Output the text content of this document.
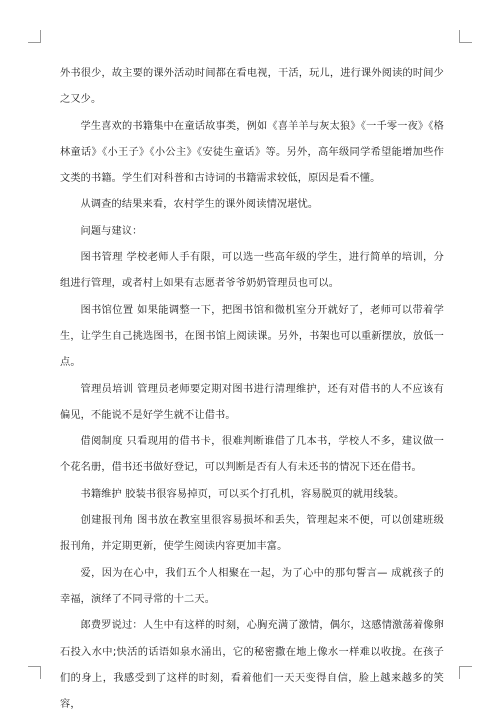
外书很少，故主要的课外活动时间都在看电视，干活，玩儿，进行课外阅读的时间少之又少。

学生喜欢的书籍集中在童话故事类，例如《喜羊羊与灰太狼》《一千零一夜》《格林童话》《小王子》《小公主》《安徒生童话》等。另外，高年级同学希望能增加些作文类的书籍。学生们对科普和古诗词的书籍需求较低，原因是看不懂。

从调查的结果来看，农村学生的课外阅读情况堪忧。

问题与建议：

图书管理 学校老师人手有限，可以选一些高年级的学生，进行简单的培训，分组进行管理，或者村上如果有志愿者爷爷奶奶管理员也可以。

图书馆位置 如果能调整一下，把图书馆和微机室分开就好了，老师可以带着学生，让学生自己挑选图书，在图书馆上阅读课。另外，书架也可以重新摆放，放低一点。

管理员培训 管理员老师要定期对图书进行清理维护，还有对借书的人不应该有偏见，不能说不是好学生就不让借书。

借阅制度 只看现用的借书卡，很难判断谁借了几本书，学校人不多，建议做一个花名册，借书还书做好登记，可以判断是否有人有未还书的情况下还在借书。

书籍维护 胶装书很容易掉页，可以买个打孔机，容易脱页的就用线装。

创建报刊角 图书放在教室里很容易损坏和丢失，管理起来不便，可以创建班级报刊角，并定期更新，使学生阅读内容更加丰富。

爱，因为在心中，我们五个人相聚在一起，为了心中的那句誓言— 成就孩子的幸福，演绎了不同寻常的十二天。

郎费罗说过：人生中有这样的时刻，心胸充满了激情，偶尔，这感情激荡着像卵石投入水中;快活的话语如泉水涌出，它的秘密撒在地上像水一样难以收拢。在孩子们的身上，我感受到了这样的时刻，看着他们一天天变得自信，脸上越来越多的笑容，
